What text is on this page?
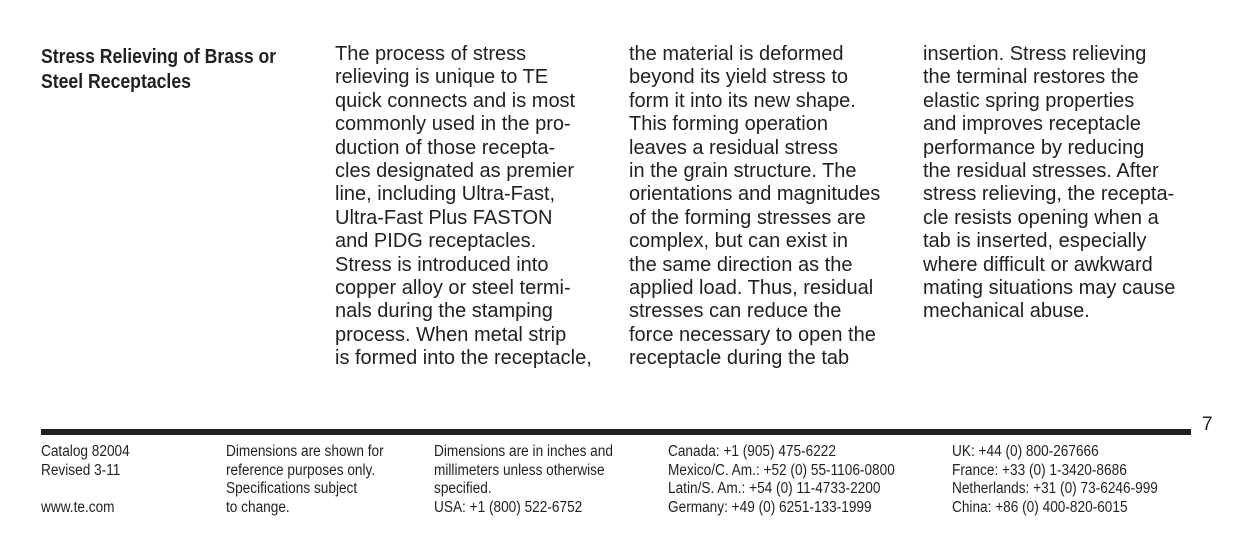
Stress Relieving of Brass or
Steel Receptacles
The process of stress
relieving is unique to TE
quick connects and is most
commonly used in the pro-
duction of those recepta-
cles designated as premier
line, including Ultra-Fast,
Ultra-Fast Plus FASTON
and PIDG receptacles.
Stress is introduced into
copper alloy or steel termi-
nals during the stamping
process. When metal strip
is formed into the receptacle,
the material is deformed
beyond its yield stress to
form it into its new shape.
This forming operation
leaves a residual stress
in the grain structure. The
orientations and magnitudes
of the forming stresses are
complex, but can exist in
the same direction as the
applied load. Thus, residual
stresses can reduce the
force necessary to open the
receptacle during the tab
insertion. Stress relieving
the terminal restores the
elastic spring properties
and improves receptacle
performance by reducing
the residual stresses. After
stress relieving, the recepta-
cle resists opening when a
tab is inserted, especially
where difficult or awkward
mating situations may cause
mechanical abuse.
7
Catalog 82004
Revised 3-11
www.te.com
Dimensions are shown for
reference purposes only.
Specifications subject
to change.
Dimensions are in inches and
millimeters unless otherwise
specified.
USA: +1 (800) 522-6752
Canada: +1 (905) 475-6222
Mexico/C. Am.: +52 (0) 55-1106-0800
Latin/S. Am.: +54 (0) 11-4733-2200
Germany: +49 (0) 6251-133-1999
UK: +44 (0) 800-267666
France: +33 (0) 1-3420-8686
Netherlands: +31 (0) 73-6246-999
China: +86 (0) 400-820-6015
